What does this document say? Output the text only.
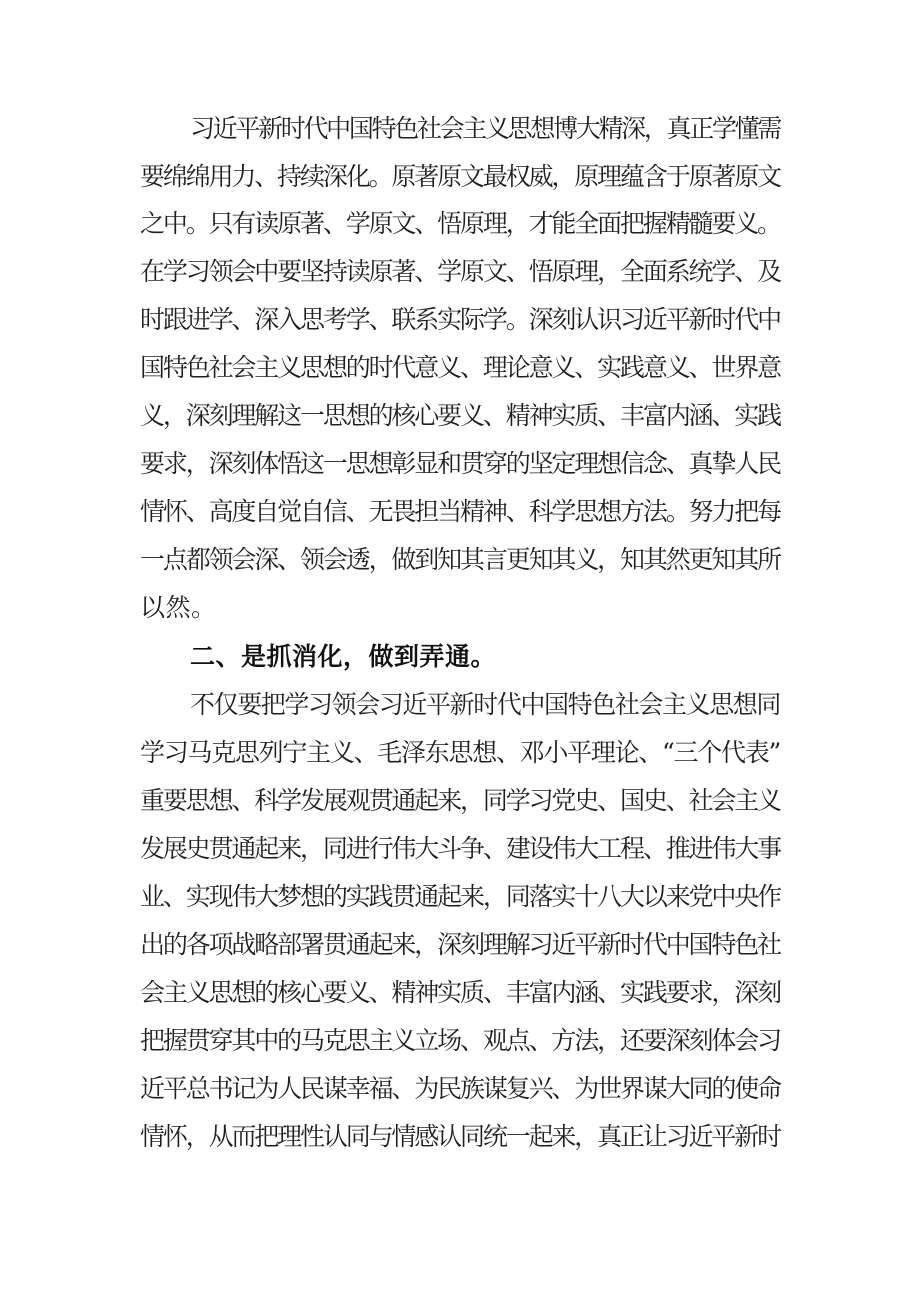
习近平新时代中国特色社会主义思想博大精深，真正学懂需
要绵绵用力、持续深化。原著原文最权威，原理蕴含于原著原文
之中。只有读原著、学原文、悟原理，才能全面把握精髓要义。
在学习领会中要坚持读原著、学原文、悟原理，全面系统学、及
时跟进学、深入思考学、联系实际学。深刻认识习近平新时代中
国特色社会主义思想的时代意义、理论意义、实践意义、世界意
义，深刻理解这一思想的核心要义、精神实质、丰富内涵、实践
要求，深刻体悟这一思想彰显和贯穿的坚定理想信念、真挚人民
情怀、高度自觉自信、无畏担当精神、科学思想方法。努力把每
一点都领会深、领会透，做到知其言更知其义，知其然更知其所
以然。
二、是抓消化，做到弄通。
不仅要把学习领会习近平新时代中国特色社会主义思想同
学习马克思列宁主义、毛泽东思想、邓小平理论、“三个代表”
重要思想、科学发展观贯通起来，同学习党史、国史、社会主义
发展史贯通起来，同进行伟大斗争、建设伟大工程、推进伟大事
业、实现伟大梦想的实践贯通起来，同落实十八大以来党中央作
出的各项战略部署贯通起来，深刻理解习近平新时代中国特色社
会主义思想的核心要义、精神实质、丰富内涵、实践要求，深刻
把握贯穿其中的马克思主义立场、观点、方法，还要深刻体会习
近平总书记为人民谋幸福、为民族谋复兴、为世界谋大同的使命
情怀，从而把理性认同与情感认同统一起来，真正让习近平新时
